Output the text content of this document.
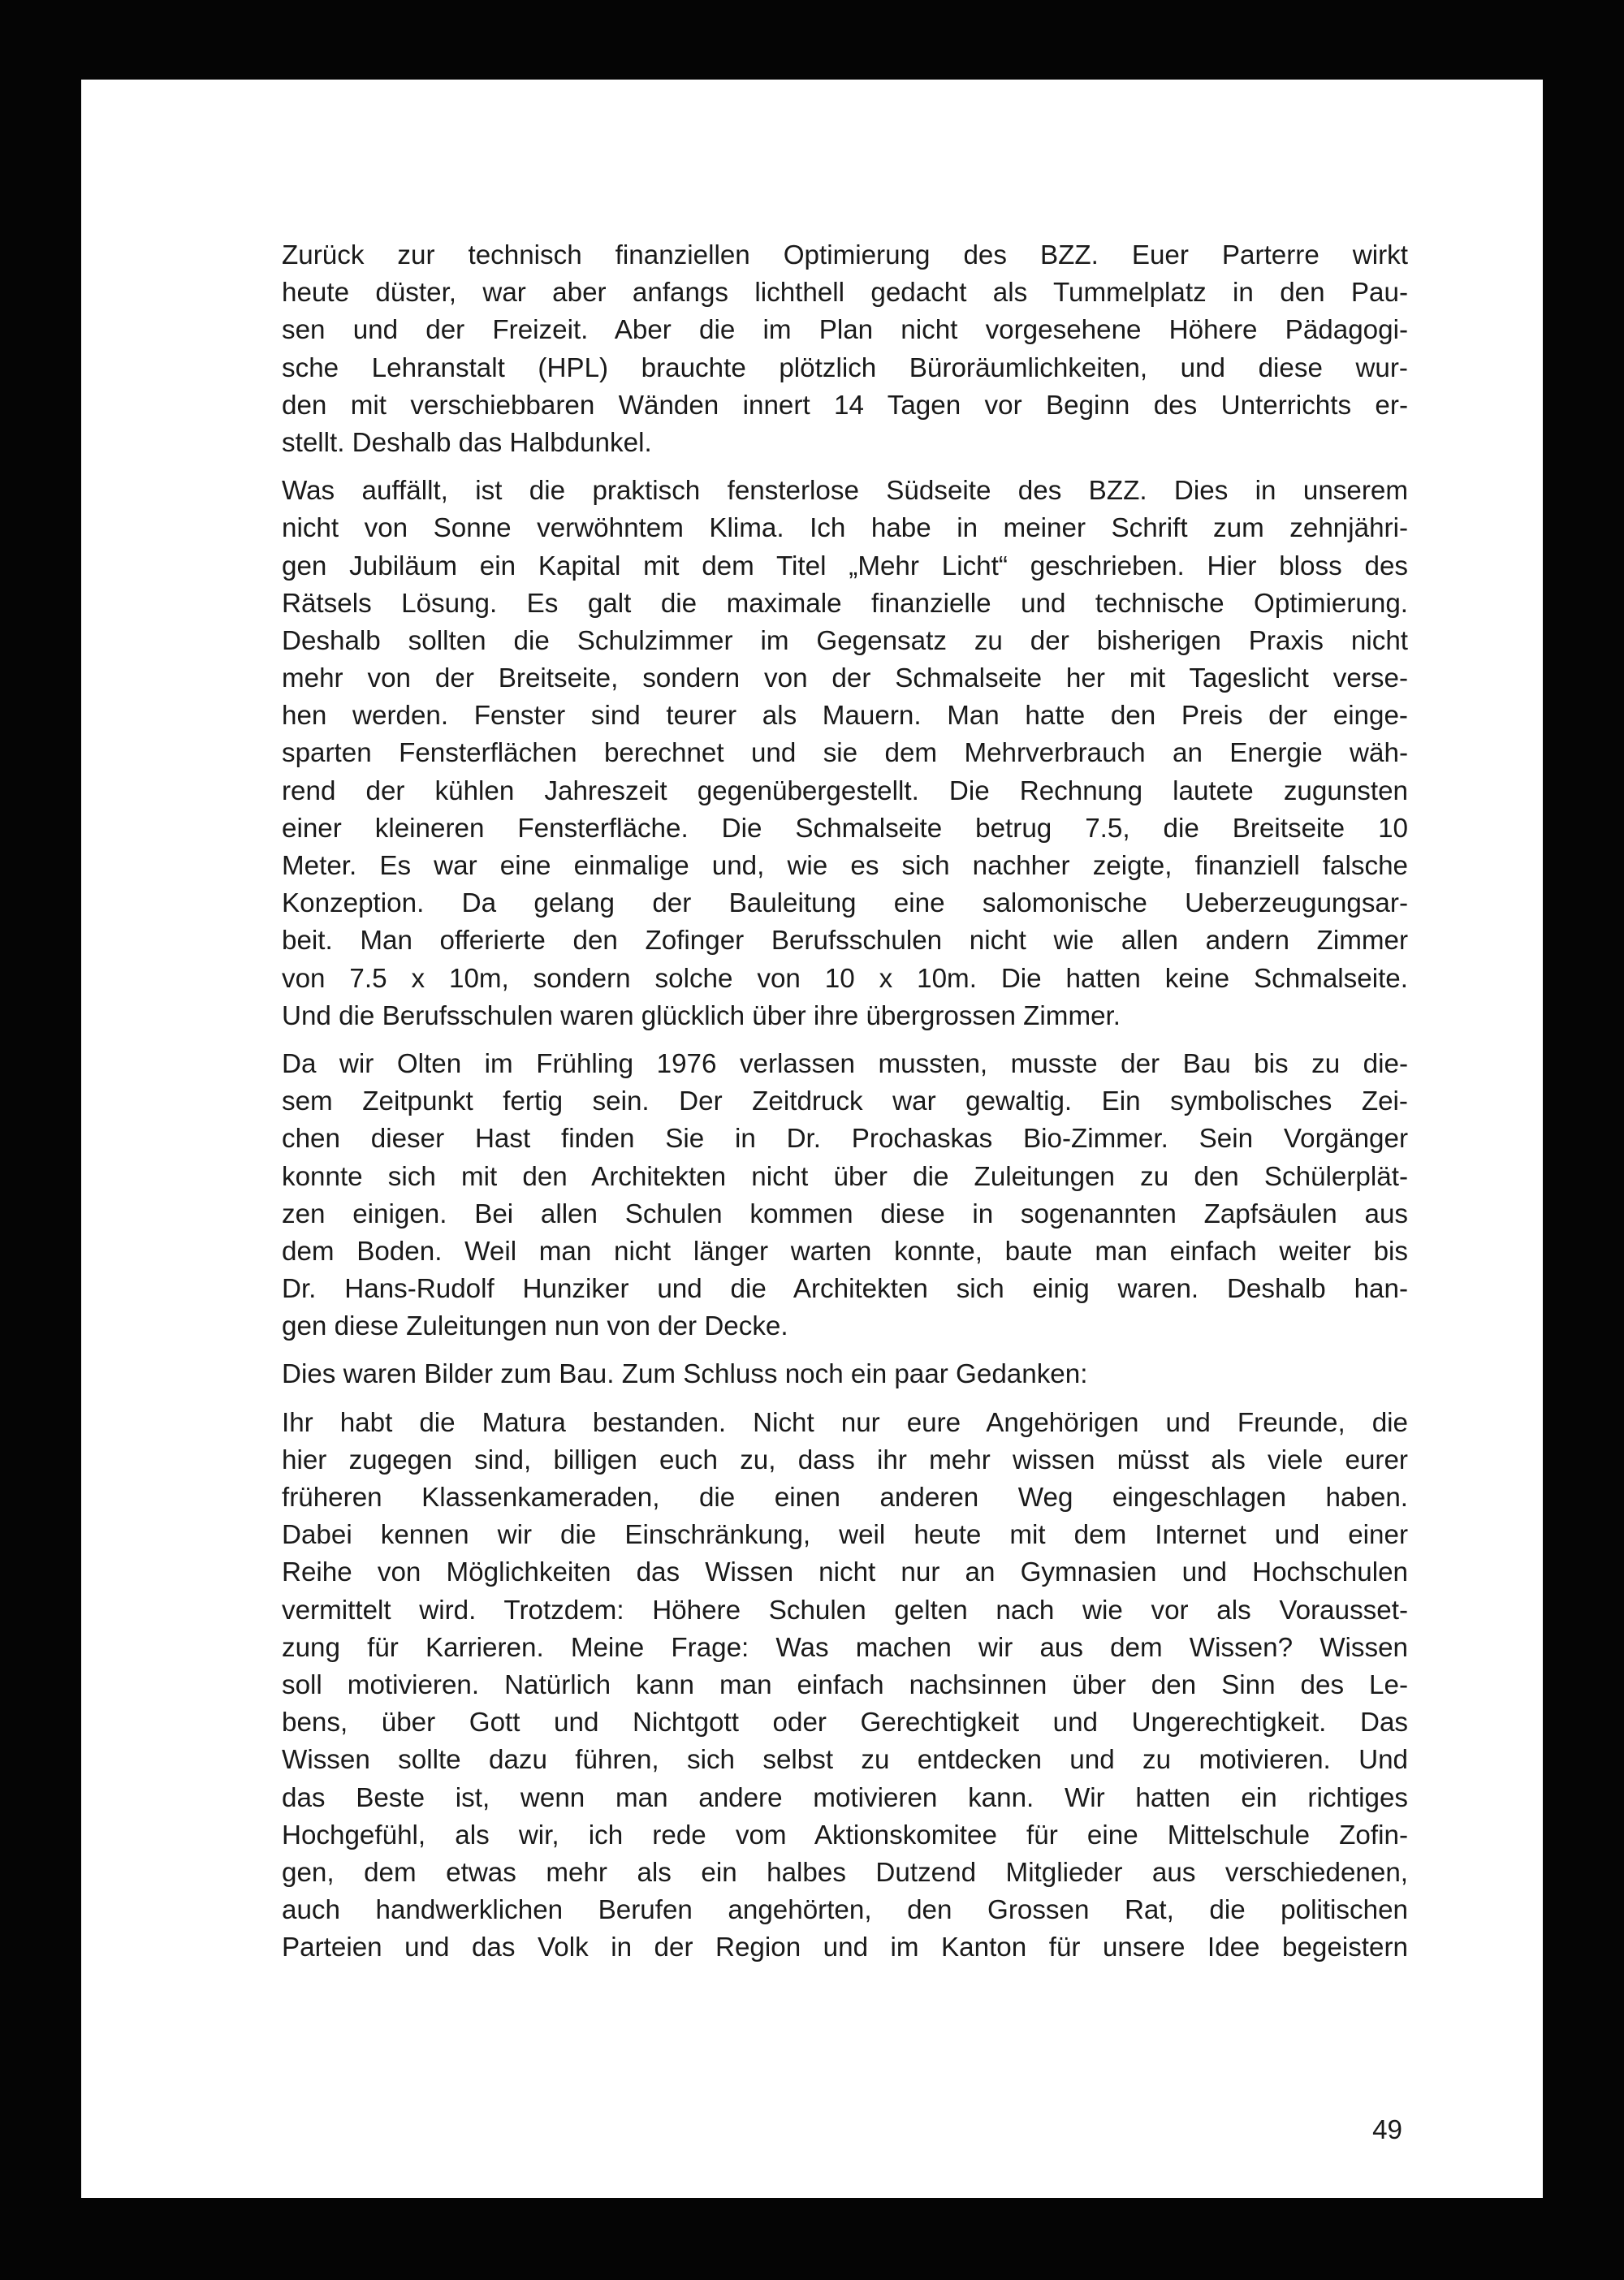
Zurück zur technisch finanziellen Optimierung des BZZ. Euer Parterre wirkt
heute düster, war aber anfangs lichthell gedacht als Tummelplatz in den Pau-
sen und der Freizeit. Aber die im Plan nicht vorgesehene Höhere Pädagogi-
sche Lehranstalt (HPL) brauchte plötzlich Büroräumlichkeiten, und diese wur-
den mit verschiebbaren Wänden innert 14 Tagen vor Beginn des Unterrichts er-
stellt. Deshalb das Halbdunkel.
Was auffällt, ist die praktisch fensterlose Südseite des BZZ. Dies in unserem
nicht von Sonne verwöhntem Klima. Ich habe in meiner Schrift zum zehnjähri-
gen Jubiläum ein Kapital mit dem Titel „Mehr Licht“ geschrieben. Hier bloss des
Rätsels Lösung. Es galt die maximale finanzielle und technische Optimierung.
Deshalb sollten die Schulzimmer im Gegensatz zu der bisherigen Praxis nicht
mehr von der Breitseite, sondern von der Schmalseite her mit Tageslicht verse-
hen werden. Fenster sind teurer als Mauern. Man hatte den Preis der einge-
sparten Fensterflächen berechnet und sie dem Mehrverbrauch an Energie wäh-
rend der kühlen Jahreszeit gegenübergestellt. Die Rechnung lautete zugunsten
einer kleineren Fensterfläche. Die Schmalseite betrug 7.5, die Breitseite 10
Meter. Es war eine einmalige und, wie es sich nachher zeigte, finanziell falsche
Konzeption. Da gelang der Bauleitung eine salomonische Ueberzeugungsar-
beit. Man offerierte den Zofinger Berufsschulen nicht wie allen andern Zimmer
von 7.5 x 10m, sondern solche von 10 x 10m. Die hatten keine Schmalseite.
Und die Berufsschulen waren glücklich über ihre übergrossen Zimmer.
Da wir Olten im Frühling 1976 verlassen mussten, musste der Bau bis zu die-
sem Zeitpunkt fertig sein. Der Zeitdruck war gewaltig. Ein symbolisches Zei-
chen dieser Hast finden Sie in Dr. Prochaskas Bio-Zimmer. Sein Vorgänger
konnte sich mit den Architekten nicht über die Zuleitungen zu den Schülerplät-
zen einigen. Bei allen Schulen kommen diese in sogenannten Zapfsäulen aus
dem Boden. Weil man nicht länger warten konnte, baute man einfach weiter bis
Dr. Hans-Rudolf Hunziker und die Architekten sich einig waren. Deshalb han-
gen diese Zuleitungen nun von der Decke.
Dies waren Bilder zum Bau. Zum Schluss noch ein paar Gedanken:
Ihr habt die Matura bestanden. Nicht nur eure Angehörigen und Freunde, die
hier zugegen sind, billigen euch zu, dass ihr mehr wissen müsst als viele eurer
früheren Klassenkameraden, die einen anderen Weg eingeschlagen haben.
Dabei kennen wir die Einschränkung, weil heute mit dem Internet und einer
Reihe von Möglichkeiten das Wissen nicht nur an Gymnasien und Hochschulen
vermittelt wird. Trotzdem: Höhere Schulen gelten nach wie vor als Vorausset-
zung für Karrieren. Meine Frage: Was machen wir aus dem Wissen? Wissen
soll motivieren. Natürlich kann man einfach nachsinnen über den Sinn des Le-
bens, über Gott und Nichtgott oder Gerechtigkeit und Ungerechtigkeit. Das
Wissen sollte dazu führen, sich selbst zu entdecken und zu motivieren. Und
das Beste ist, wenn man andere motivieren kann. Wir hatten ein richtiges
Hochgefühl, als wir, ich rede vom Aktionskomitee für eine Mittelschule Zofin-
gen, dem etwas mehr als ein halbes Dutzend Mitglieder aus verschiedenen,
auch handwerklichen Berufen angehörten, den Grossen Rat, die politischen
Parteien und das Volk in der Region und im Kanton für unsere Idee begeistern
49
